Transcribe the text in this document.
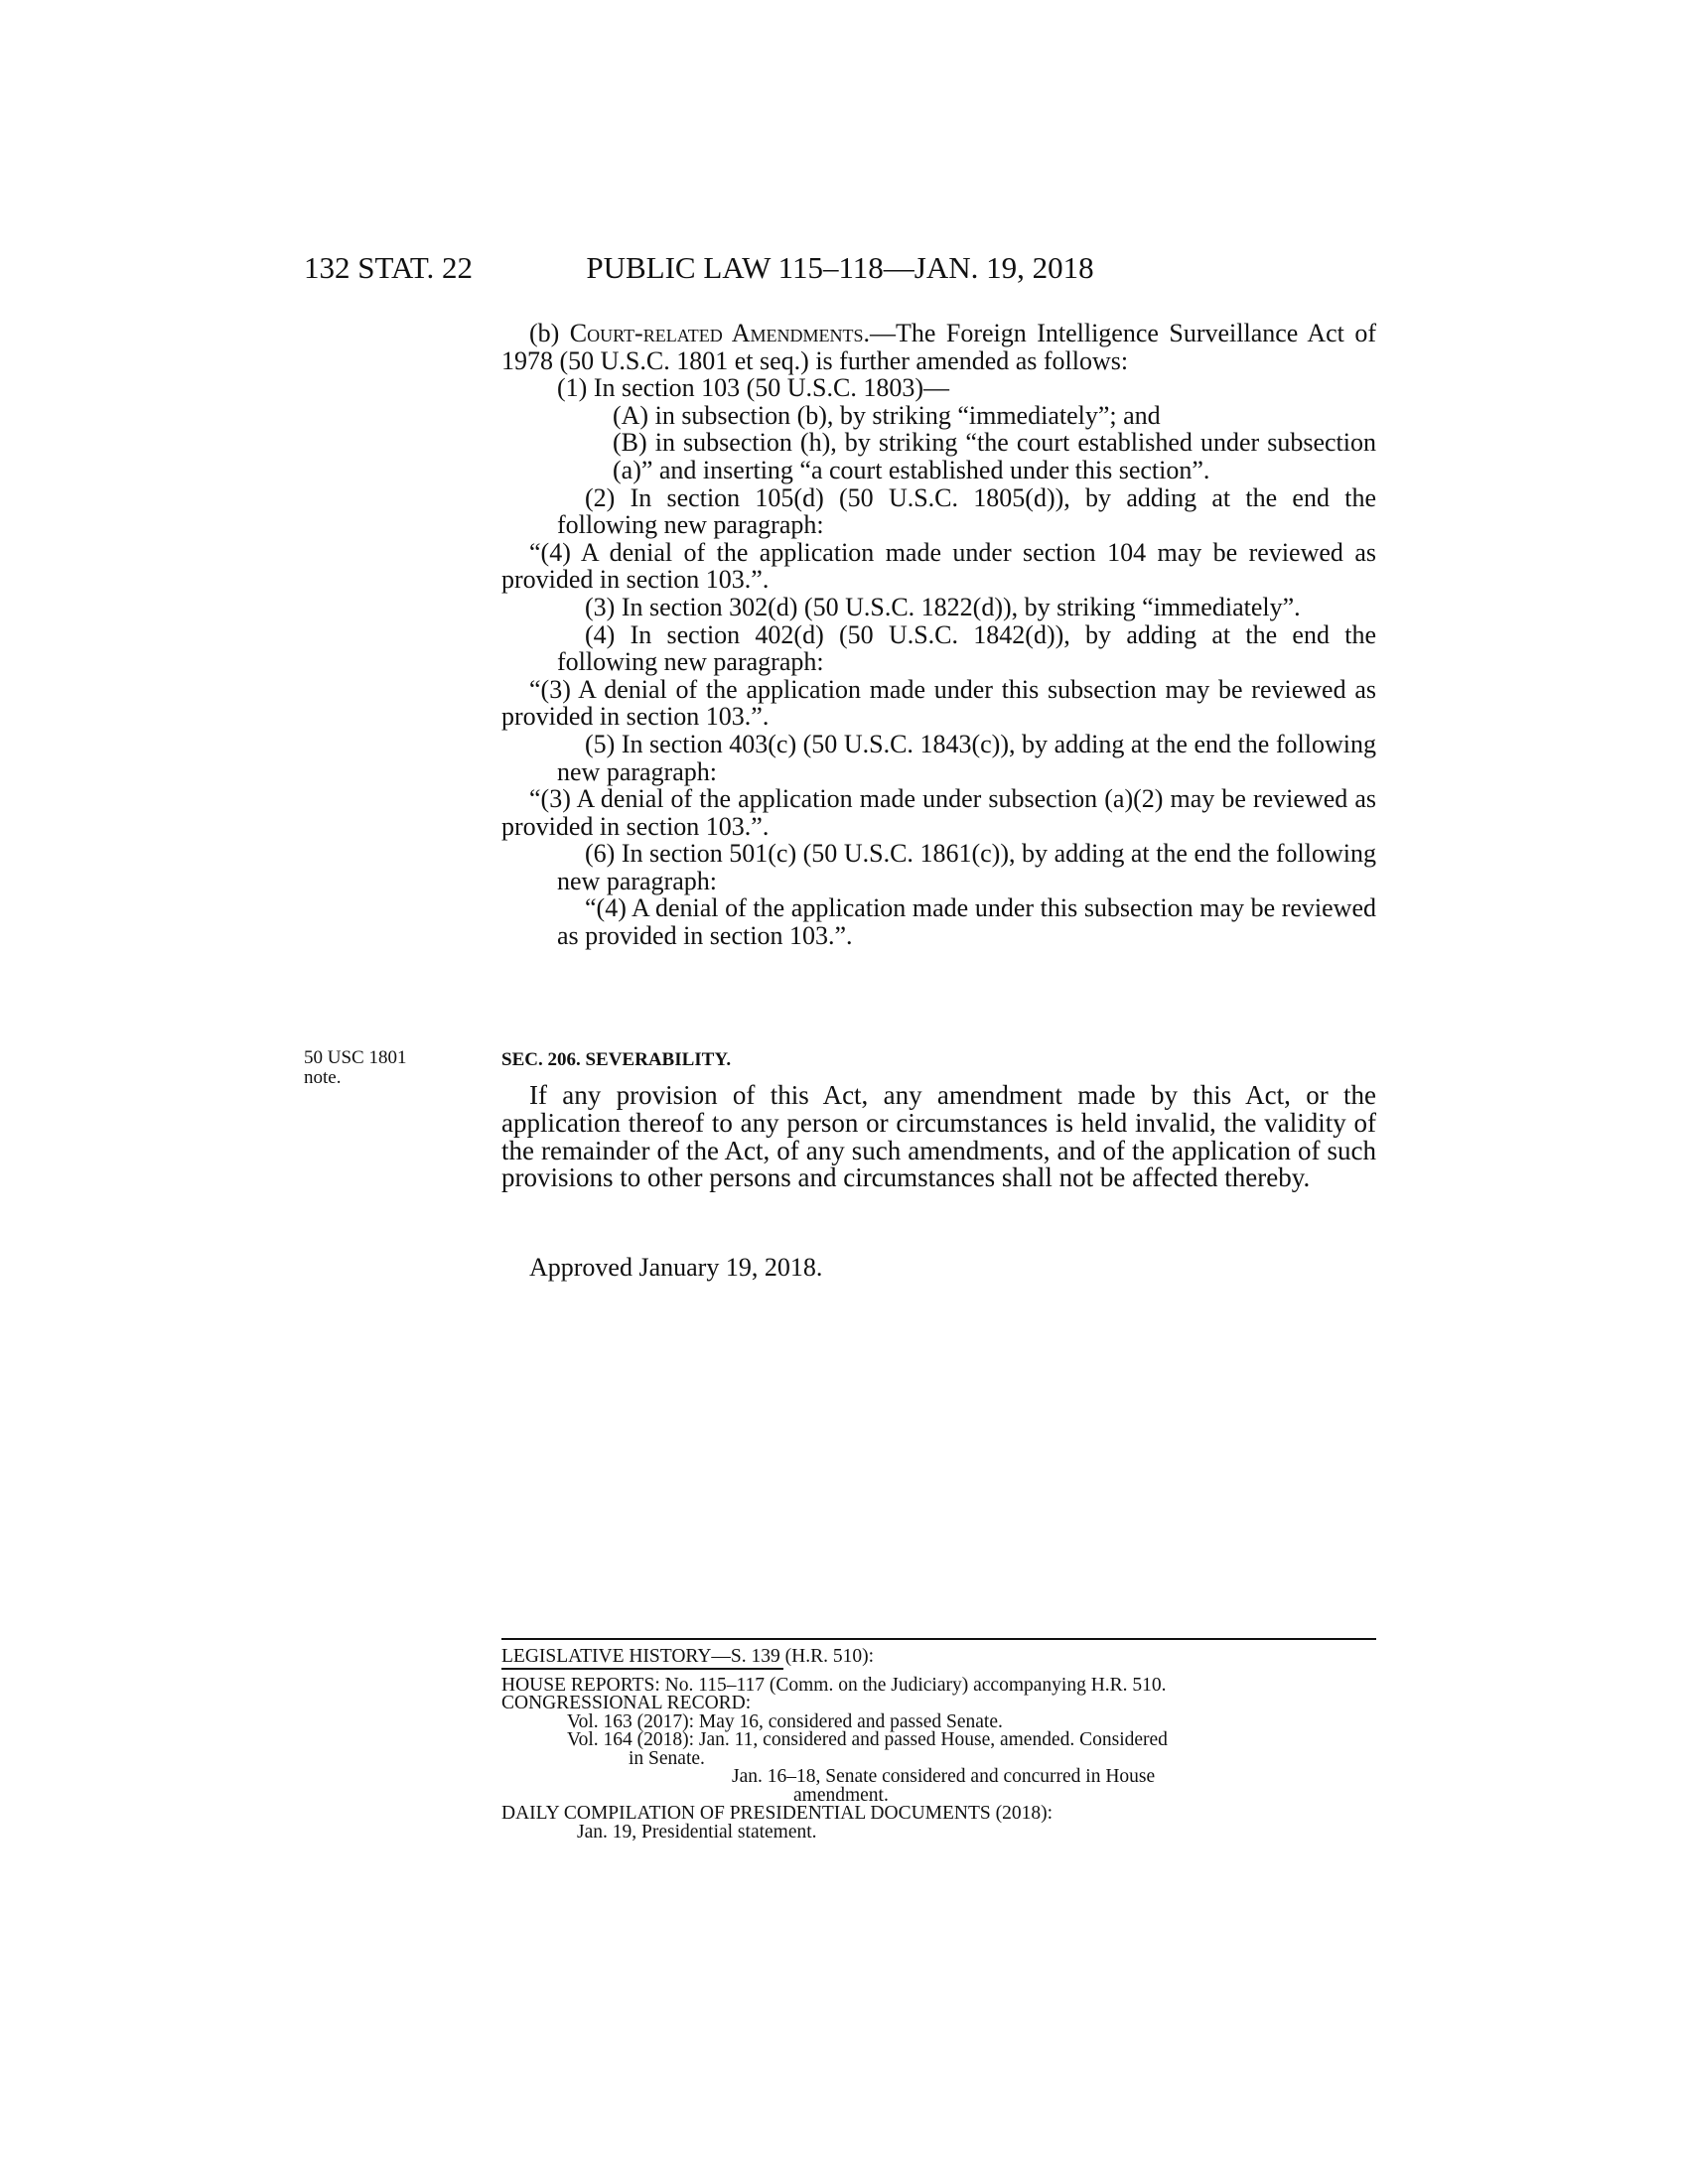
132 STAT. 22	PUBLIC LAW 115–118—JAN. 19, 2018

(b) Court-related Amendments.—The Foreign Intelligence Surveillance Act of 1978 (50 U.S.C. 1801 et seq.) is further amended as follows:

(1) In section 103 (50 U.S.C. 1803)—

(A) in subsection (b), by striking “immediately”; and

(B) in subsection (h), by striking “the court established under subsection (a)” and inserting “a court established under this section”.

(2) In section 105(d) (50 U.S.C. 1805(d)), by adding at the end the following new paragraph:

“(4) A denial of the application made under section 104 may be reviewed as provided in section 103.”.

(3) In section 302(d) (50 U.S.C. 1822(d)), by striking “immediately”.

(4) In section 402(d) (50 U.S.C. 1842(d)), by adding at the end the following new paragraph:

“(3) A denial of the application made under this subsection may be reviewed as provided in section 103.”.

(5) In section 403(c) (50 U.S.C. 1843(c)), by adding at the end the following new paragraph:

“(3) A denial of the application made under subsection (a)(2) may be reviewed as provided in section 103.”.

(6) In section 501(c) (50 U.S.C. 1861(c)), by adding at the end the following new paragraph:

“(4) A denial of the application made under this subsection may be reviewed as provided in section 103.”.

50 USC 1801
note.
SEC. 206. SEVERABILITY.

If any provision of this Act, any amendment made by this Act, or the application thereof to any person or circumstances is held invalid, the validity of the remainder of the Act, of any such amendments, and of the application of such provisions to other persons and circumstances shall not be affected thereby.

Approved January 19, 2018.
LEGISLATIVE HISTORY—S. 139 (H.R. 510):
HOUSE REPORTS: No. 115–117 (Comm. on the Judiciary) accompanying H.R. 510.
CONGRESSIONAL RECORD:
Vol. 163 (2017): May 16, considered and passed Senate.
Vol. 164 (2018): Jan. 11, considered and passed House, amended. Considered
in Senate.
Jan. 16–18, Senate considered and concurred in House
amendment.
DAILY COMPILATION OF PRESIDENTIAL DOCUMENTS (2018):
Jan. 19, Presidential statement.
